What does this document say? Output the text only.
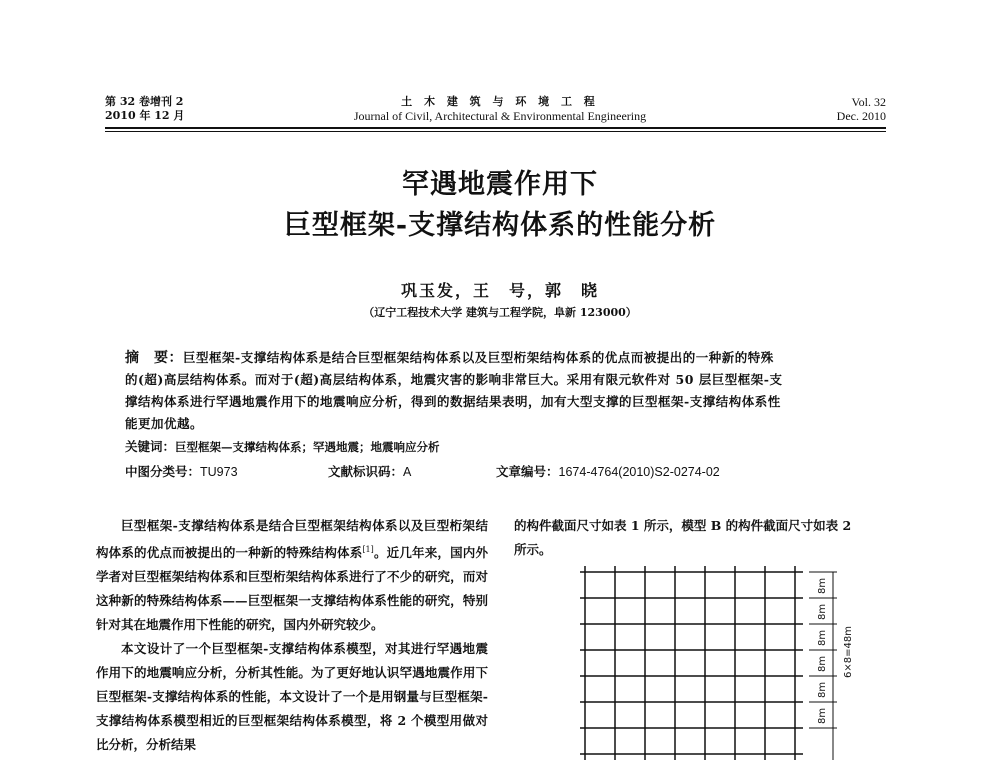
第 32 卷增刊 2
2010 年 12 月
土 木 建 筑 与 环 境 工 程
Journal of Civil, Architectural & Environmental Engineering
Vol. 32
Dec. 2010
罕遇地震作用下
巨型框架-支撑结构体系的性能分析
巩玉发，王　号，郭　晓
（辽宁工程技术大学 建筑与工程学院，阜新 123000）
摘　要：巨型框架-支撑结构体系是结合巨型框架结构体系以及巨型桁架结构体系的优点而被提出的一种新的特殊
的(超)高层结构体系。而对于(超)高层结构体系，地震灾害的影响非常巨大。采用有限元软件对 50 层巨型框架-支
撑结构体系进行罕遇地震作用下的地震响应分析，得到的数据结果表明，加有大型支撑的巨型框架-支撑结构体系性
能更加优越。
关键词：巨型框架—支撑结构体系；罕遇地震；地震响应分析
中图分类号：TU973	文献标识码：A	文章编号：1674-4764(2010)S2-0274-02

巨型框架-支撑结构体系是结合巨型框架结构体系以及巨型桁架结构体系的优点而被提出的一种新的特殊结构体系[1]。近几年来，国内外学者对巨型框架结构体系和巨型桁架结构体系进行了不少的研究，而对这种新的特殊结构体系——巨型框架一支撑结构体系性能的研究，特别针对其在地震作用下性能的研究，国内外研究较少。

本文设计了一个巨型框架-支撑结构体系模型，对其进行罕遇地震作用下的地震响应分析，分析其性能。为了更好地认识罕遇地震作用下巨型框架-支撑结构体系的性能，本文设计了一个是用钢量与巨型框架-支撑结构体系模型相近的巨型框架结构体系模型，将 2 个模型用做对比分析，分析结果

的构件截面尺寸如表 1 所示，模型 B 的构件截面尺寸如表 2
所示。

8m
8m
8m
8m
8m
8m
6×8=48m
